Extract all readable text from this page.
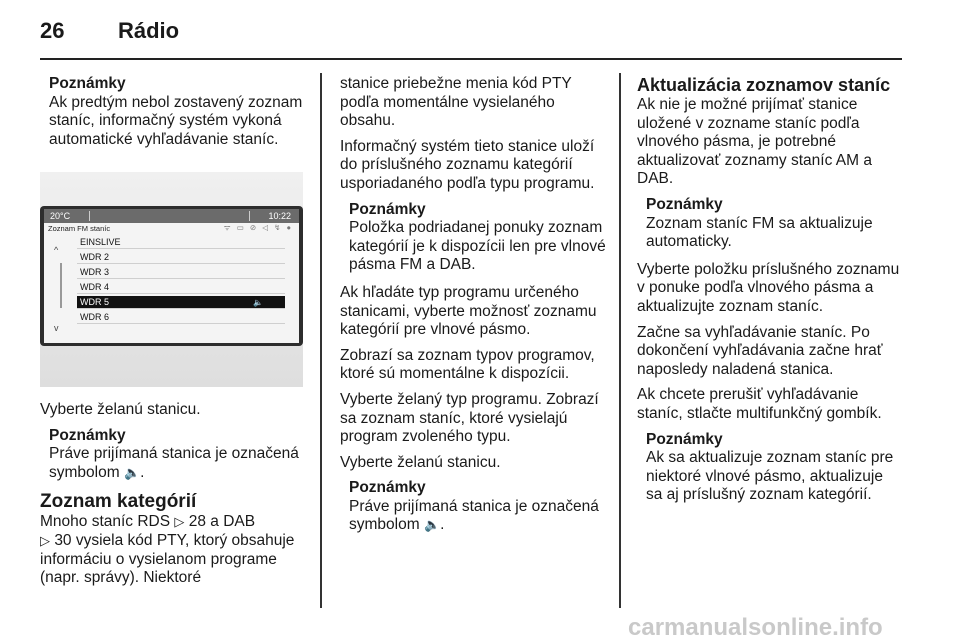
26 Rádio
Poznámky
Ak predtým nebol zostavený zoznam staníc, informačný systém vykoná automatické vyhľadávanie staníc.
20°C	10:22
Zoznam FM staníc	ᯤ ▭ ⊘ ◁ ↯ ●
^
v
EINSLIVE
WDR 2
WDR 3
WDR 4
WDR 5	🔈
WDR 6

Vyberte želanú stanicu.

Poznámky
Práve prijímaná stanica je označená symbolom 🔈.
Zoznam kategórií

Mnoho staníc RDS ▷ 28 a DAB
▷ 30 vysiela kód PTY, ktorý obsahuje informáciu o vysielanom programe (napr. správy). Niektoré

stanice priebežne menia kód PTY podľa momentálne vysielaného obsahu.

Informačný systém tieto stanice uloží do príslušného zoznamu kategórií usporiadaného podľa typu programu.

Poznámky
Položka podriadanej ponuky zoznam kategórií je k dispozícii len pre vlnové pásma FM a DAB.

Ak hľadáte typ programu určeného stanicami, vyberte možnosť zoznamu kategórií pre vlnové pásmo.

Zobrazí sa zoznam typov programov, ktoré sú momentálne k dispozícii.

Vyberte želaný typ programu. Zobrazí sa zoznam staníc, ktoré vysielajú program zvoleného typu.

Vyberte želanú stanicu.

Poznámky
Práve prijímaná stanica je označená symbolom 🔈.
Aktualizácia zoznamov staníc

Ak nie je možné prijímať stanice uložené v zozname staníc podľa vlnového pásma, je potrebné aktualizovať zoznamy staníc AM a DAB.

Poznámky
Zoznam staníc FM sa aktualizuje automaticky.

Vyberte položku príslušného zoznamu v ponuke podľa vlnového pásma a aktualizujte zoznam staníc.

Začne sa vyhľadávanie staníc. Po dokončení vyhľadávania začne hrať naposledy naladená stanica.

Ak chcete prerušiť vyhľadávanie staníc, stlačte multifunkčný gombík.

Poznámky
Ak sa aktualizuje zoznam staníc pre niektoré vlnové pásmo, aktualizuje sa aj príslušný zoznam kategórií.
carmanualsonline.info
